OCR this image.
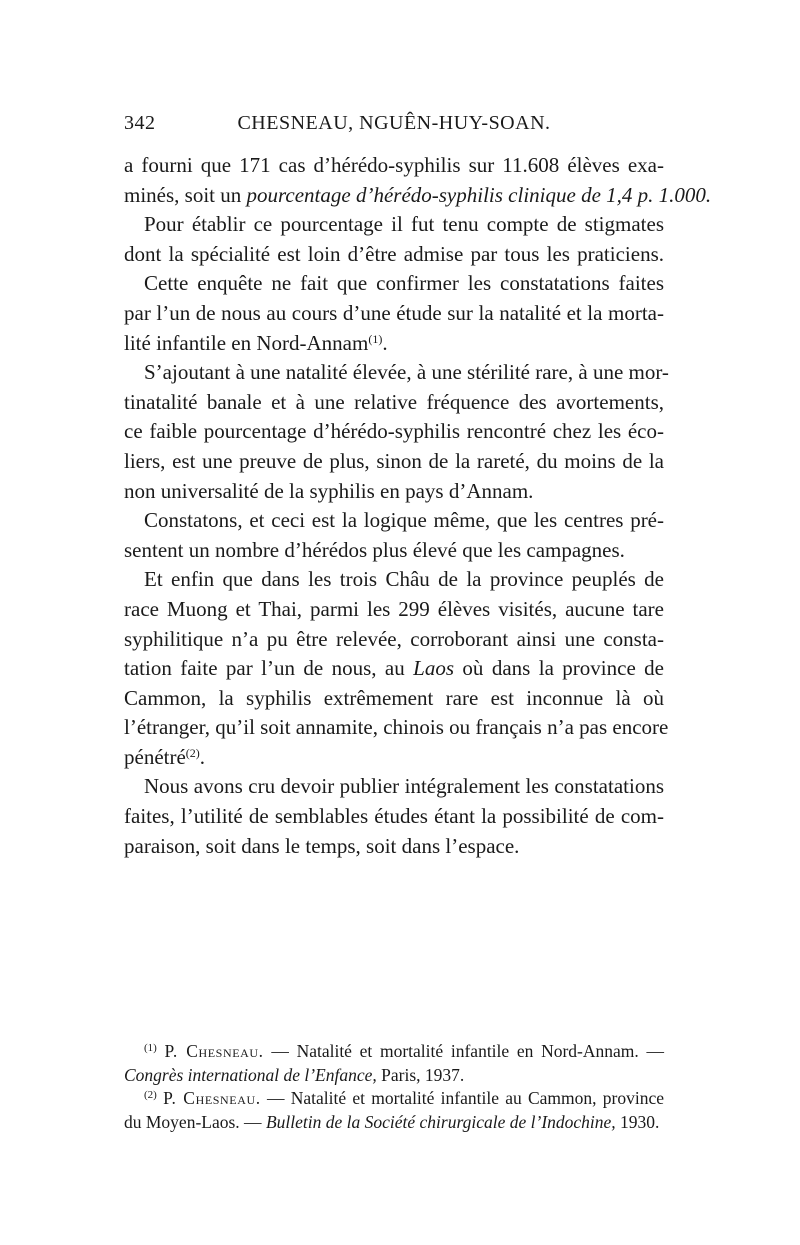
342	CHESNEAU, NGUÊN-HUY-SOAN.
a fourni que 171 cas d’hérédo-syphilis sur 11.608 élèves exa-
minés, soit un pourcentage d’hérédo-syphilis clinique de 1,4 p. 1.000.
Pour établir ce pourcentage il fut tenu compte de stigmates
dont la spécialité est loin d’être admise par tous les praticiens.
Cette enquête ne fait que confirmer les constatations faites
par l’un de nous au cours d’une étude sur la natalité et la morta-
lité infantile en Nord-Annam$^{(1)}$.
S’ajoutant à une natalité élevée, à une stérilité rare, à une mor-
tinatalité banale et à une relative fréquence des avortements,
ce faible pourcentage d’hérédo-syphilis rencontré chez les éco-
liers, est une preuve de plus, sinon de la rareté, du moins de la
non universalité de la syphilis en pays d’Annam.
Constatons, et ceci est la logique même, que les centres pré-
sentent un nombre d’hérédos plus élevé que les campagnes.
Et enfin que dans les trois Châu de la province peuplés de
race Muong et Thai, parmi les 299 élèves visités, aucune tare
syphilitique n’a pu être relevée, corroborant ainsi une consta-
tation faite par l’un de nous, au Laos où dans la province de
Cammon, la syphilis extrêmement rare est inconnue là où
l’étranger, qu’il soit annamite, chinois ou français n’a pas encore
pénétré$^{(2)}$.
Nous avons cru devoir publier intégralement les constatations
faites, l’utilité de semblables études étant la possibilité de com-
paraison, soit dans le temps, soit dans l’espace.
$^{(1)}$ P. Chesneau. — Natalité et mortalité infantile en Nord-Annam. —
Congrès international de l’Enfance, Paris, 1937.
$^{(2)}$ P. Chesneau. — Natalité et mortalité infantile au Cammon, province
du Moyen-Laos. — Bulletin de la Société chirurgicale de l’Indochine, 1930.
